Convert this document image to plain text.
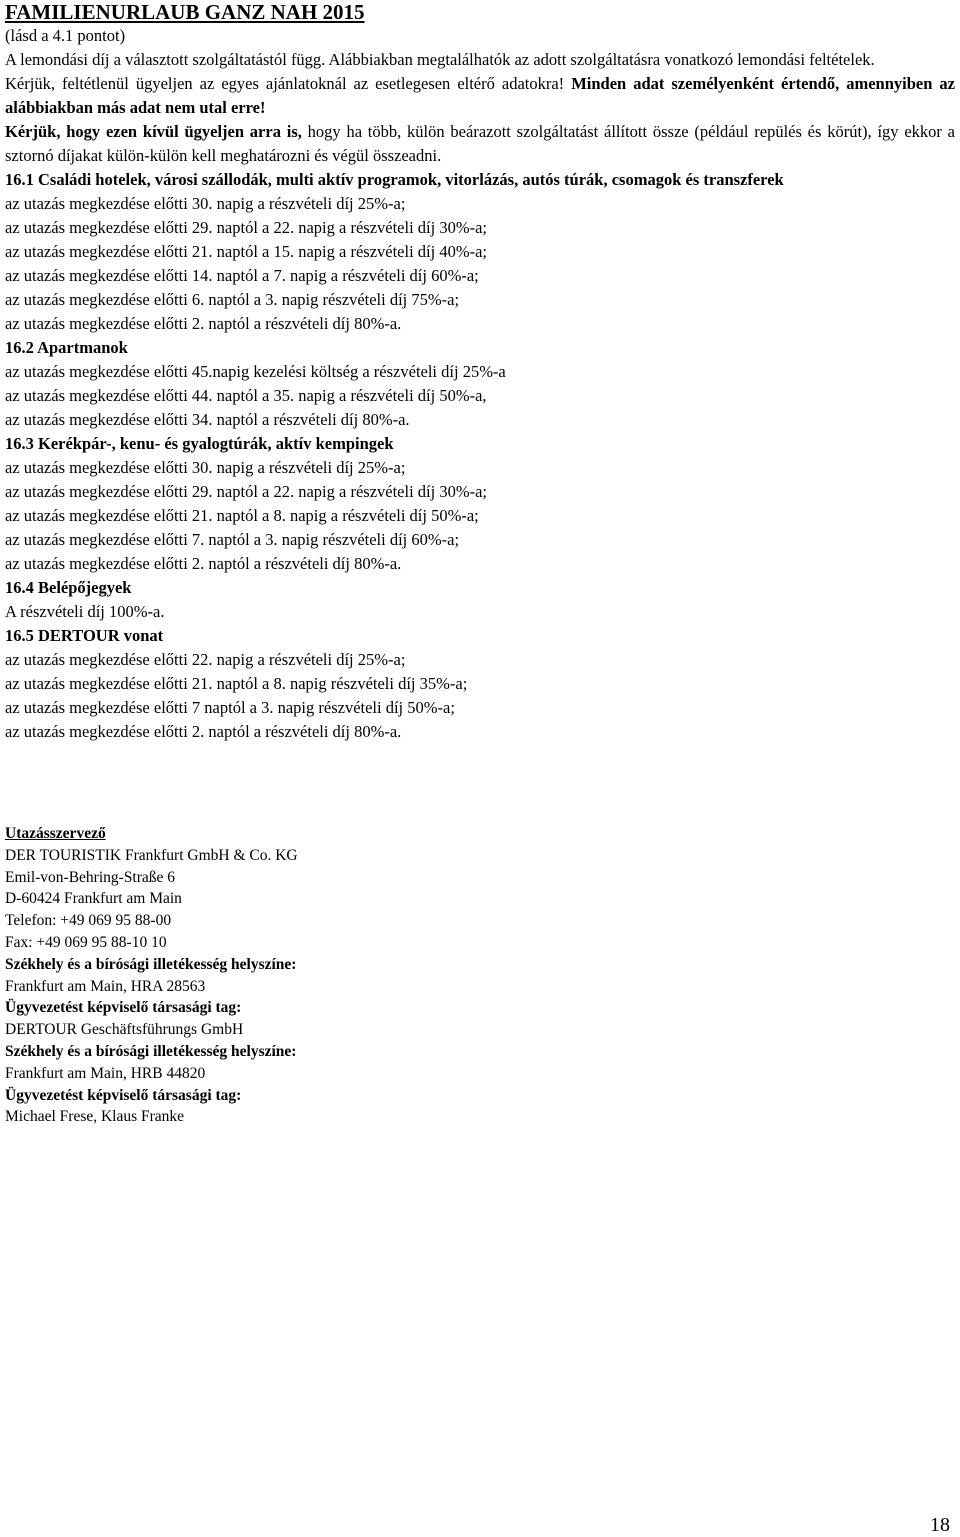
FAMILIENURLAUB GANZ NAH 2015
(lásd a 4.1 pontot)
A lemondási díj a választott szolgáltatástól függ. Alábbiakban megtalálhatók az adott szolgáltatásra vonatkozó lemondási feltételek.
Kérjük, feltétlenül ügyeljen az egyes ajánlatoknál az esetlegesen eltérő adatokra! Minden adat személyenként értendő, amennyiben az alábbiakban más adat nem utal erre!
Kérjük, hogy ezen kívül ügyeljen arra is, hogy ha több, külön beárazott szolgáltatást állított össze (például repülés és körút), így ekkor a sztornó díjakat külön-külön kell meghatározni és végül összeadni.
16.1 Családi hotelek, városi szállodák, multi aktív programok, vitorlázás, autós túrák, csomagok és transzferek
az utazás megkezdése előtti 30. napig a részvételi díj 25%-a;
az utazás megkezdése előtti 29. naptól a 22. napig a részvételi díj 30%-a;
az utazás megkezdése előtti 21. naptól a 15. napig a részvételi díj 40%-a;
az utazás megkezdése előtti 14. naptól a 7. napig a részvételi díj 60%-a;
az utazás megkezdése előtti 6. naptól a 3. napig részvételi díj 75%-a;
az utazás megkezdése előtti 2. naptól a részvételi díj 80%-a.
16.2 Apartmanok
az utazás megkezdése előtti 45.napig kezelési költség a részvételi díj 25%-a
az utazás megkezdése előtti 44. naptól a 35. napig a részvételi díj 50%-a,
az utazás megkezdése előtti 34. naptól a részvételi díj 80%-a.
16.3 Kerékpár-, kenu- és gyalogtúrák, aktív kempingek
az utazás megkezdése előtti 30. napig a részvételi díj 25%-a;
az utazás megkezdése előtti 29. naptól a 22. napig a részvételi díj 30%-a;
az utazás megkezdése előtti 21. naptól a 8. napig a részvételi díj 50%-a;
az utazás megkezdése előtti 7. naptól a 3. napig részvételi díj 60%-a;
az utazás megkezdése előtti 2. naptól a részvételi díj 80%-a.
16.4 Belépőjegyek
A részvételi díj 100%-a.
16.5 DERTOUR vonat
az utazás megkezdése előtti 22. napig a részvételi díj 25%-a;
az utazás megkezdése előtti 21. naptól a 8. napig részvételi díj 35%-a;
az utazás megkezdése előtti 7 naptól a 3. napig részvételi díj 50%-a;
az utazás megkezdése előtti 2. naptól a részvételi díj 80%-a.
Utazásszervező
DER TOURISTIK Frankfurt GmbH & Co. KG
Emil-von-Behring-Straße 6
D-60424 Frankfurt am Main
Telefon: +49 069 95 88-00
Fax: +49 069 95 88-10 10
Székhely és a bírósági illetékesség helyszíne:
Frankfurt am Main, HRA 28563
Ügyvezetést képviselő társasági tag:
DERTOUR Geschäftsführungs GmbH
Székhely és a bírósági illetékesség helyszíne:
Frankfurt am Main, HRB 44820
Ügyvezetést képviselő társasági tag:
Michael Frese, Klaus Franke
18
